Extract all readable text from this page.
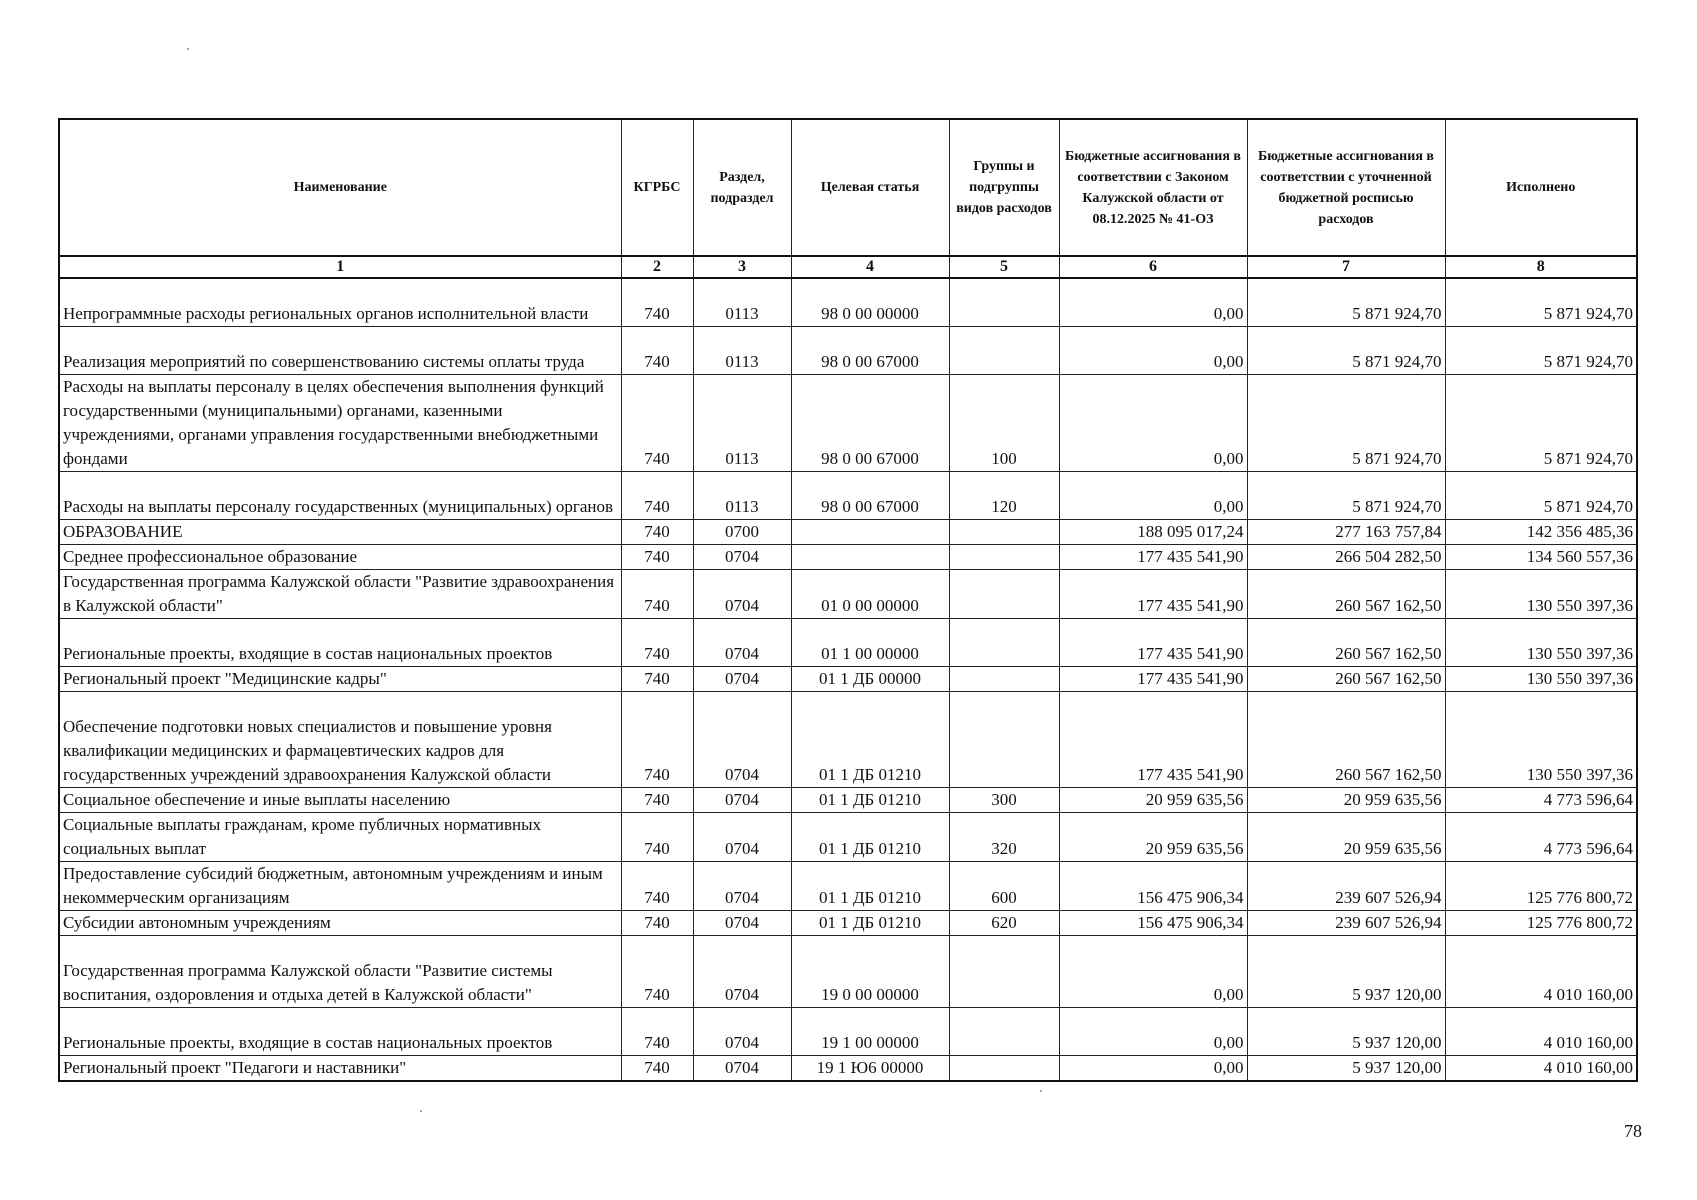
Наименование	КГРБС	Раздел, подраздел	Целевая статья	Группы и подгруппы видов расходов	Бюджетные ассигнования в соответствии с Законом Калужской области от 08.12.2025 № 41-ОЗ	Бюджетные ассигнования в соответствии с уточненной бюджетной росписью расходов	Исполнено
1	2	3	4	5	6	7	8
Непрограммные расходы региональных органов исполнительной власти	740	0113	98 0 00 00000		0,00	5 871 924,70	5 871 924,70
Реализация мероприятий по совершенствованию системы оплаты труда	740	0113	98 0 00 67000		0,00	5 871 924,70	5 871 924,70
Расходы на выплаты персоналу в целях обеспечения выполнения функций государственными (муниципальными) органами, казенными учреждениями, органами управления государственными внебюджетными фондами	740	0113	98 0 00 67000	100	0,00	5 871 924,70	5 871 924,70
Расходы на выплаты персоналу государственных (муниципальных) органов	740	0113	98 0 00 67000	120	0,00	5 871 924,70	5 871 924,70
ОБРАЗОВАНИЕ	740	0700			188 095 017,24	277 163 757,84	142 356 485,36
Среднее профессиональное образование	740	0704			177 435 541,90	266 504 282,50	134 560 557,36
Государственная программа Калужской области "Развитие здравоохранения в Калужской области"	740	0704	01 0 00 00000		177 435 541,90	260 567 162,50	130 550 397,36
Региональные проекты, входящие в состав национальных проектов	740	0704	01 1 00 00000		177 435 541,90	260 567 162,50	130 550 397,36
Региональный проект "Медицинские кадры"	740	0704	01 1 ДБ 00000		177 435 541,90	260 567 162,50	130 550 397,36
Обеспечение подготовки новых специалистов и повышение уровня квалификации медицинских и фармацевтических кадров для государственных учреждений здравоохранения Калужской области	740	0704	01 1 ДБ 01210		177 435 541,90	260 567 162,50	130 550 397,36
Социальное обеспечение и иные выплаты населению	740	0704	01 1 ДБ 01210	300	20 959 635,56	20 959 635,56	4 773 596,64
Социальные выплаты гражданам, кроме публичных нормативных социальных выплат	740	0704	01 1 ДБ 01210	320	20 959 635,56	20 959 635,56	4 773 596,64
Предоставление субсидий бюджетным, автономным учреждениям и иным некоммерческим организациям	740	0704	01 1 ДБ 01210	600	156 475 906,34	239 607 526,94	125 776 800,72
Субсидии автономным учреждениям	740	0704	01 1 ДБ 01210	620	156 475 906,34	239 607 526,94	125 776 800,72
Государственная программа Калужской области "Развитие системы воспитания, оздоровления и отдыха детей в Калужской области"	740	0704	19 0 00 00000		0,00	5 937 120,00	4 010 160,00
Региональные проекты, входящие в состав национальных проектов	740	0704	19 1 00 00000		0,00	5 937 120,00	4 010 160,00
Региональный проект "Педагоги и наставники"	740	0704	19 1 Ю6 00000		0,00	5 937 120,00	4 010 160,00
78
